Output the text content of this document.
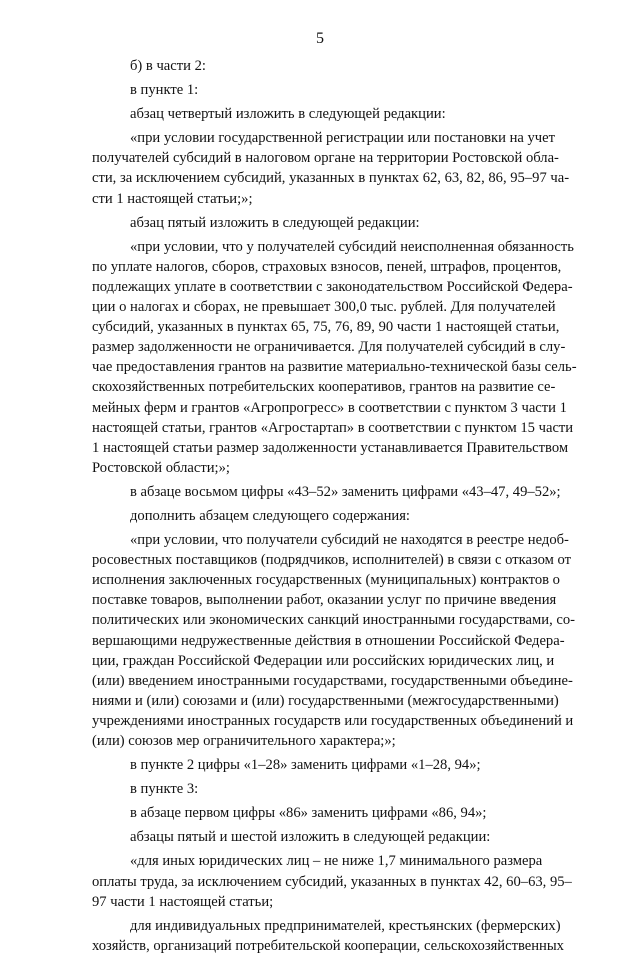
5

б) в части 2:

в пункте 1:

абзац четвертый изложить в следующей редакции:

«при условии государственной регистрации или постановки на учет
получателей субсидий в налоговом органе на территории Ростовской обла-
сти, за исключением субсидий, указанных в пунктах 62, 63, 82, 86, 95–97 ча-
сти 1 настоящей статьи;»;

абзац пятый изложить в следующей редакции:

«при условии, что у получателей субсидий неисполненная обязанность
по уплате налогов, сборов, страховых взносов, пеней, штрафов, процентов,
подлежащих уплате в соответствии с законодательством Российской Федера-
ции о налогах и сборах, не превышает 300,0 тыс. рублей. Для получателей
субсидий, указанных в пунктах 65, 75, 76, 89, 90 части 1 настоящей статьи,
размер задолженности не ограничивается. Для получателей субсидий в слу-
чае предоставления грантов на развитие материально-технической базы сель-
скохозяйственных потребительских кооперативов, грантов на развитие се-
мейных ферм и грантов «Агропрогресс» в соответствии с пунктом 3 части 1
настоящей статьи, грантов «Агростартап» в соответствии с пунктом 15 части
1 настоящей статьи размер задолженности устанавливается Правительством
Ростовской области;»;

в абзаце восьмом цифры «43–52» заменить цифрами «43–47, 49–52»;

дополнить абзацем следующего содержания:

«при условии, что получатели субсидий не находятся в реестре недоб-
росовестных поставщиков (подрядчиков, исполнителей) в связи с отказом от
исполнения заключенных государственных (муниципальных) контрактов о
поставке товаров, выполнении работ, оказании услуг по причине введения
политических или экономических санкций иностранными государствами, со-
вершающими недружественные действия в отношении Российской Федера-
ции, граждан Российской Федерации или российских юридических лиц, и
(или) введением иностранными государствами, государственными объедине-
ниями и (или) союзами и (или) государственными (межгосударственными)
учреждениями иностранных государств или государственных объединений и
(или) союзов мер ограничительного характера;»;

в пункте 2 цифры «1–28» заменить цифрами «1–28, 94»;

в пункте 3:

в абзаце первом цифры «86» заменить цифрами «86, 94»;

абзацы пятый и шестой изложить в следующей редакции:

«для иных юридических лиц – не ниже 1,7 минимального размера
оплаты труда, за исключением субсидий, указанных в пунктах 42, 60–63, 95–
97 части 1 настоящей статьи;

для индивидуальных предпринимателей, крестьянских (фермерских)
хозяйств, организаций потребительской кооперации, сельскохозяйственных
